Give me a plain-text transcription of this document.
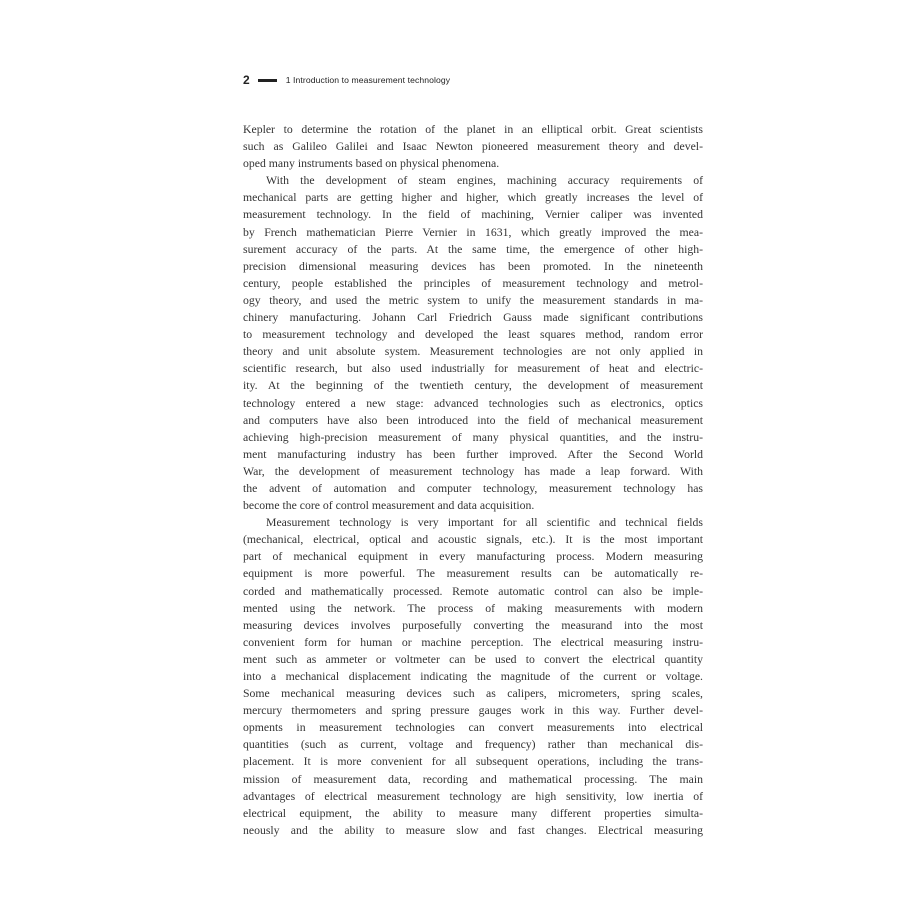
2	1 Introduction to measurement technology
Kepler to determine the rotation of the planet in an elliptical orbit. Great scientists
such as Galileo Galilei and Isaac Newton pioneered measurement theory and devel-
oped many instruments based on physical phenomena.
With the development of steam engines, machining accuracy requirements of
mechanical parts are getting higher and higher, which greatly increases the level of
measurement technology. In the field of machining, Vernier caliper was invented
by French mathematician Pierre Vernier in 1631, which greatly improved the mea-
surement accuracy of the parts. At the same time, the emergence of other high-
precision dimensional measuring devices has been promoted. In the nineteenth
century, people established the principles of measurement technology and metrol-
ogy theory, and used the metric system to unify the measurement standards in ma-
chinery manufacturing. Johann Carl Friedrich Gauss made significant contributions
to measurement technology and developed the least squares method, random error
theory and unit absolute system. Measurement technologies are not only applied in
scientific research, but also used industrially for measurement of heat and electric-
ity. At the beginning of the twentieth century, the development of measurement
technology entered a new stage: advanced technologies such as electronics, optics
and computers have also been introduced into the field of mechanical measurement
achieving high-precision measurement of many physical quantities, and the instru-
ment manufacturing industry has been further improved. After the Second World
War, the development of measurement technology has made a leap forward. With
the advent of automation and computer technology, measurement technology has
become the core of control measurement and data acquisition.
Measurement technology is very important for all scientific and technical fields
(mechanical, electrical, optical and acoustic signals, etc.). It is the most important
part of mechanical equipment in every manufacturing process. Modern measuring
equipment is more powerful. The measurement results can be automatically re-
corded and mathematically processed. Remote automatic control can also be imple-
mented using the network. The process of making measurements with modern
measuring devices involves purposefully converting the measurand into the most
convenient form for human or machine perception. The electrical measuring instru-
ment such as ammeter or voltmeter can be used to convert the electrical quantity
into a mechanical displacement indicating the magnitude of the current or voltage.
Some mechanical measuring devices such as calipers, micrometers, spring scales,
mercury thermometers and spring pressure gauges work in this way. Further devel-
opments in measurement technologies can convert measurements into electrical
quantities (such as current, voltage and frequency) rather than mechanical dis-
placement. It is more convenient for all subsequent operations, including the trans-
mission of measurement data, recording and mathematical processing. The main
advantages of electrical measurement technology are high sensitivity, low inertia of
electrical equipment, the ability to measure many different properties simulta-
neously and the ability to measure slow and fast changes. Electrical measuring
